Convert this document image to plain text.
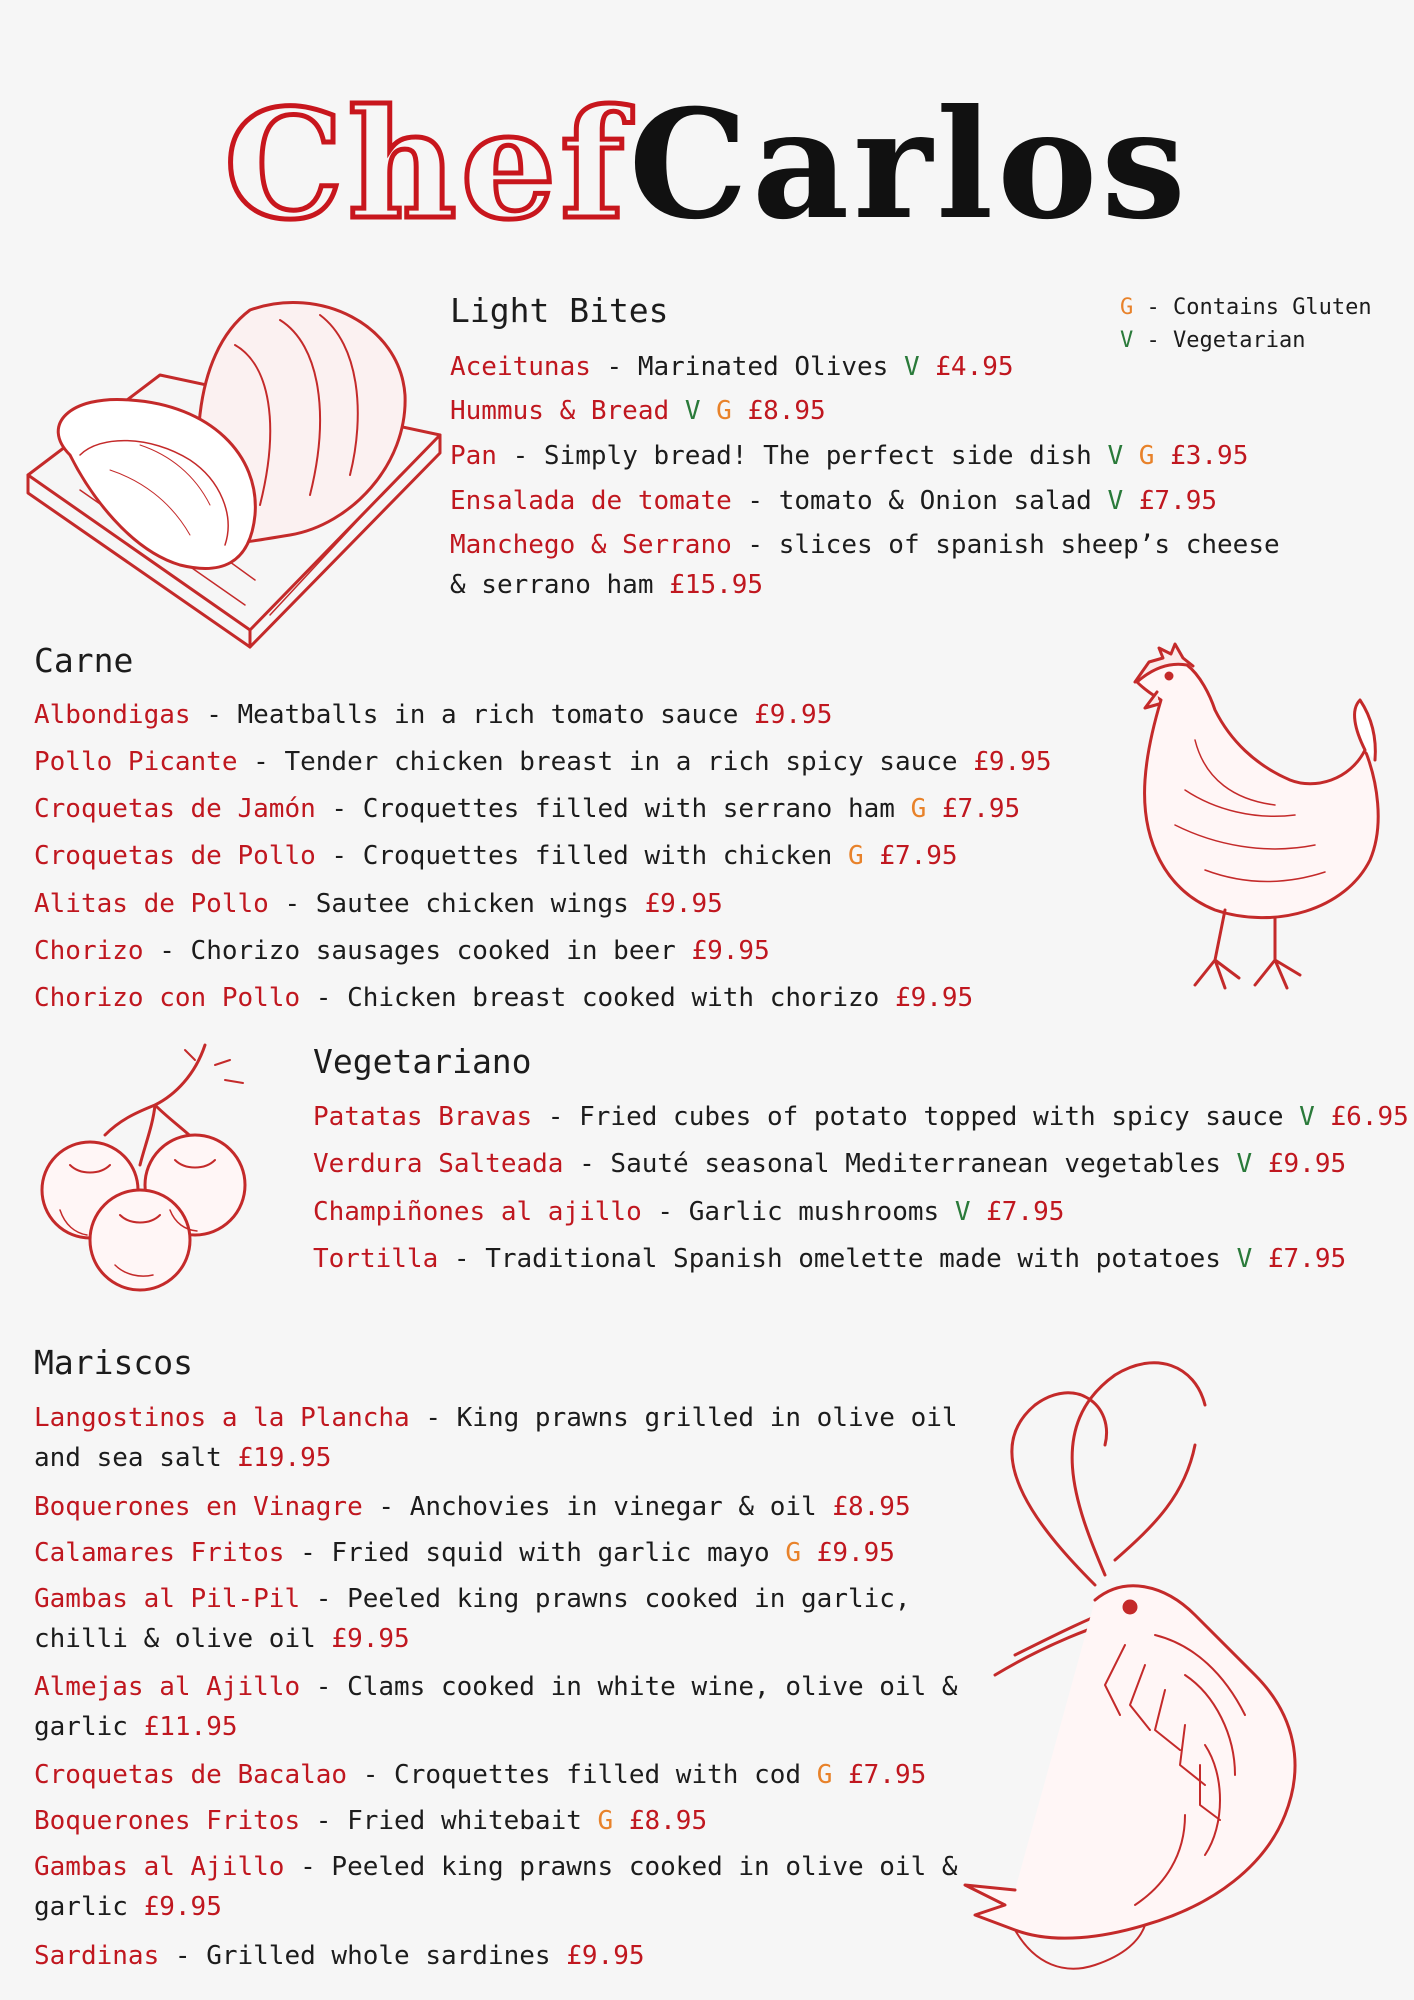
ChefCarlos
G - Contains Gluten
V - Vegetarian
Light Bites
Carne
Vegetariano
Mariscos
Aceitunas - Marinated Olives V £4.95
Hummus & Bread V G £8.95
Pan - Simply bread! The perfect side dish V G £3.95
Ensalada de tomate - tomato & Onion salad V £7.95
Manchego & Serrano - slices of spanish sheep’s cheese & serrano ham £15.95
Albondigas - Meatballs in a rich tomato sauce £9.95
Pollo Picante - Tender chicken breast in a rich spicy sauce £9.95
Croquetas de Jamón - Croquettes filled with serrano ham G £7.95
Croquetas de Pollo - Croquettes filled with chicken G £7.95
Alitas de Pollo - Sautee chicken wings £9.95
Chorizo - Chorizo sausages cooked in beer £9.95
Chorizo con Pollo - Chicken breast cooked with chorizo £9.95
Patatas Bravas - Fried cubes of potato topped with spicy sauce V £6.95
Verdura Salteada - Sauté seasonal Mediterranean vegetables V £9.95
Champiñones al ajillo - Garlic mushrooms V £7.95
Tortilla - Traditional Spanish omelette made with potatoes V £7.95
Langostinos a la Plancha - King prawns grilled in olive oil and sea salt £19.95
Boquerones en Vinagre - Anchovies in vinegar & oil £8.95
Calamares Fritos - Fried squid with garlic mayo G £9.95
Gambas al Pil-Pil - Peeled king prawns cooked in garlic, chilli & olive oil £9.95
Almejas al Ajillo - Clams cooked in white wine, olive oil & garlic £11.95
Croquetas de Bacalao - Croquettes filled with cod G £7.95
Boquerones Fritos - Fried whitebait G £8.95
Gambas al Ajillo - Peeled king prawns cooked in olive oil & garlic £9.95
Sardinas - Grilled whole sardines £9.95
